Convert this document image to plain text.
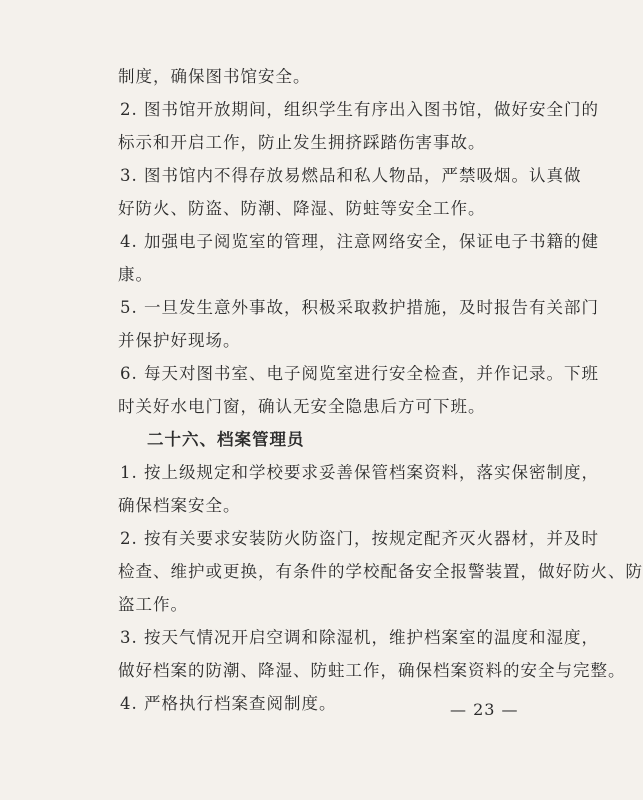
制度，确保图书馆安全。
2. 图书馆开放期间，组织学生有序出入图书馆，做好安全门的
标示和开启工作，防止发生拥挤踩踏伤害事故。
3. 图书馆内不得存放易燃品和私人物品，严禁吸烟。认真做
好防火、防盗、防潮、降湿、防蛀等安全工作。
4. 加强电子阅览室的管理，注意网络安全，保证电子书籍的健
康。
5. 一旦发生意外事故，积极采取救护措施，及时报告有关部门
并保护好现场。
6. 每天对图书室、电子阅览室进行安全检查，并作记录。下班
时关好水电门窗，确认无安全隐患后方可下班。
二十六、档案管理员
1. 按上级规定和学校要求妥善保管档案资料，落实保密制度，
确保档案安全。
2. 按有关要求安装防火防盗门，按规定配齐灭火器材，并及时
检查、维护或更换，有条件的学校配备安全报警装置，做好防火、防
盗工作。
3. 按天气情况开启空调和除湿机，维护档案室的温度和湿度，
做好档案的防潮、降湿、防蛀工作，确保档案资料的安全与完整。
4. 严格执行档案查阅制度。	— 23 —
